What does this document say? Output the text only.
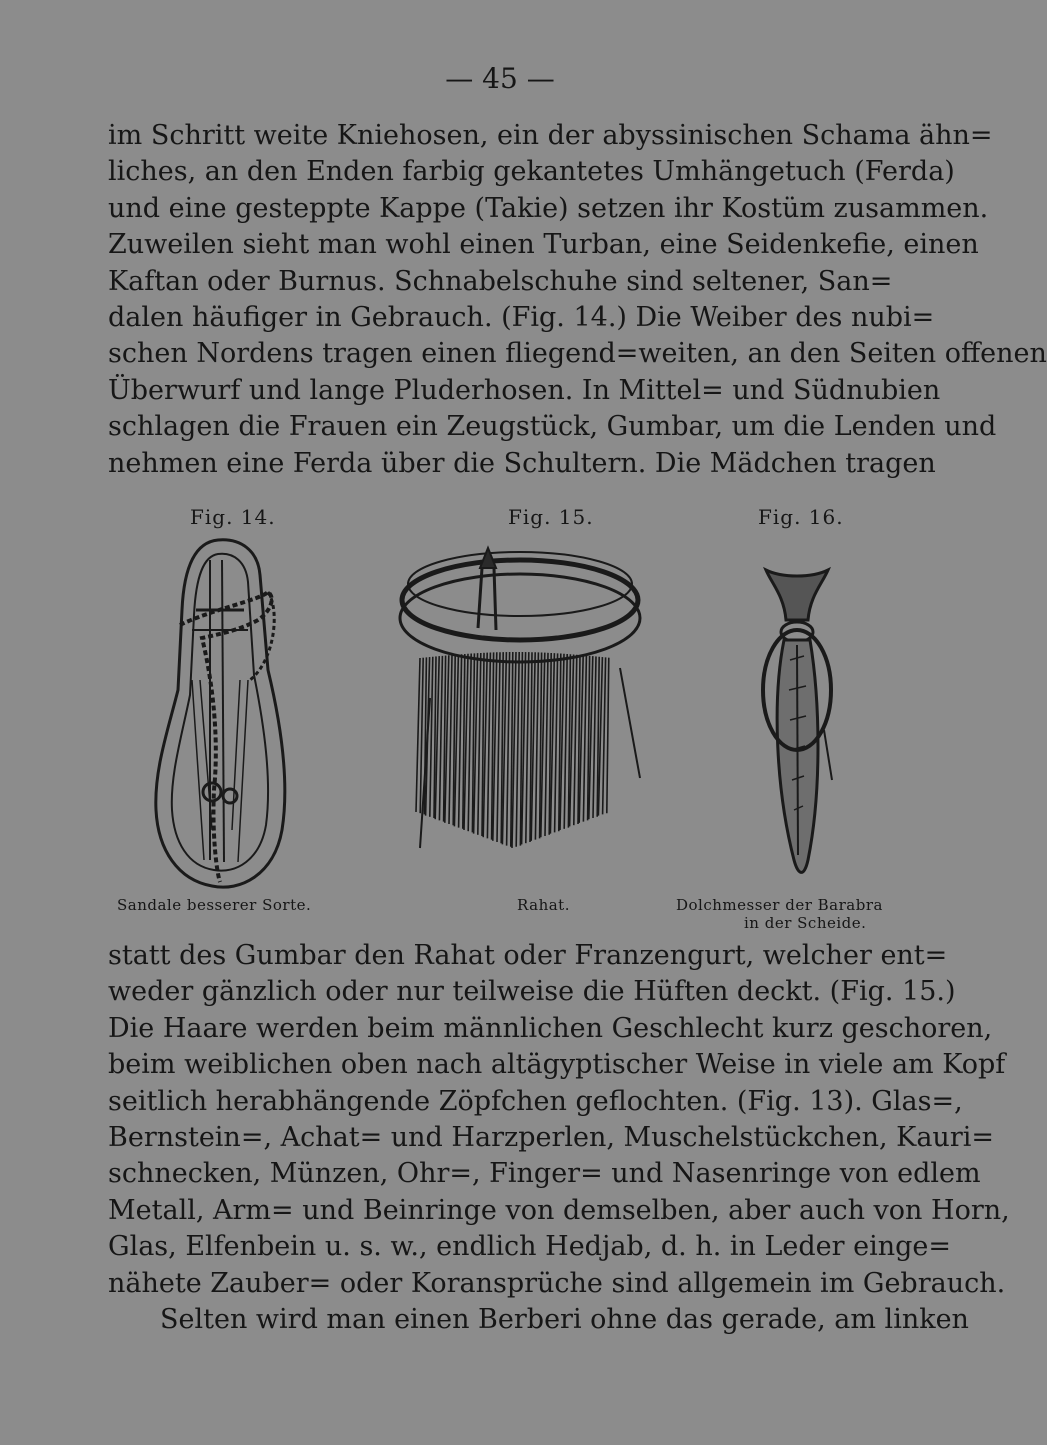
— 45 —
im Schritt weite Kniehosen, ein der abyssinischen Schama ähn=
liches, an den Enden farbig gekantetes Umhängetuch (Ferda)
und eine gesteppte Kappe (Takie) setzen ihr Kostüm zusammen.
Zuweilen sieht man wohl einen Turban, eine Seidenkefie, einen
Kaftan oder Burnus. Schnabelschuhe sind seltener, San=
dalen häufiger in Gebrauch. (Fig. 14.) Die Weiber des nubi=
schen Nordens tragen einen fliegend=weiten, an den Seiten offenen
Überwurf und lange Pluderhosen. In Mittel= und Südnubien
schlagen die Frauen ein Zeugstück, Gumbar, um die Lenden und
nehmen eine Ferda über die Schultern. Die Mädchen tragen
Fig. 14.	Fig. 15.	Fig. 16.
Sandale besserer Sorte.	Rahat.	Dolchmesser der Barabra
in der Scheide.
statt des Gumbar den Rahat oder Franzengurt, welcher ent=
weder gänzlich oder nur teilweise die Hüften deckt. (Fig. 15.)
Die Haare werden beim männlichen Geschlecht kurz geschoren,
beim weiblichen oben nach altägyptischer Weise in viele am Kopf
seitlich herabhängende Zöpfchen geflochten. (Fig. 13). Glas=,
Bernstein=, Achat= und Harzperlen, Muschelstückchen, Kauri=
schnecken, Münzen, Ohr=, Finger= und Nasenringe von edlem
Metall, Arm= und Beinringe von demselben, aber auch von Horn,
Glas, Elfenbein u. s. w., endlich Hedjab, d. h. in Leder einge=
nähete Zauber= oder Koransprüche sind allgemein im Gebrauch.
Selten wird man einen Berberi ohne das gerade, am linken
